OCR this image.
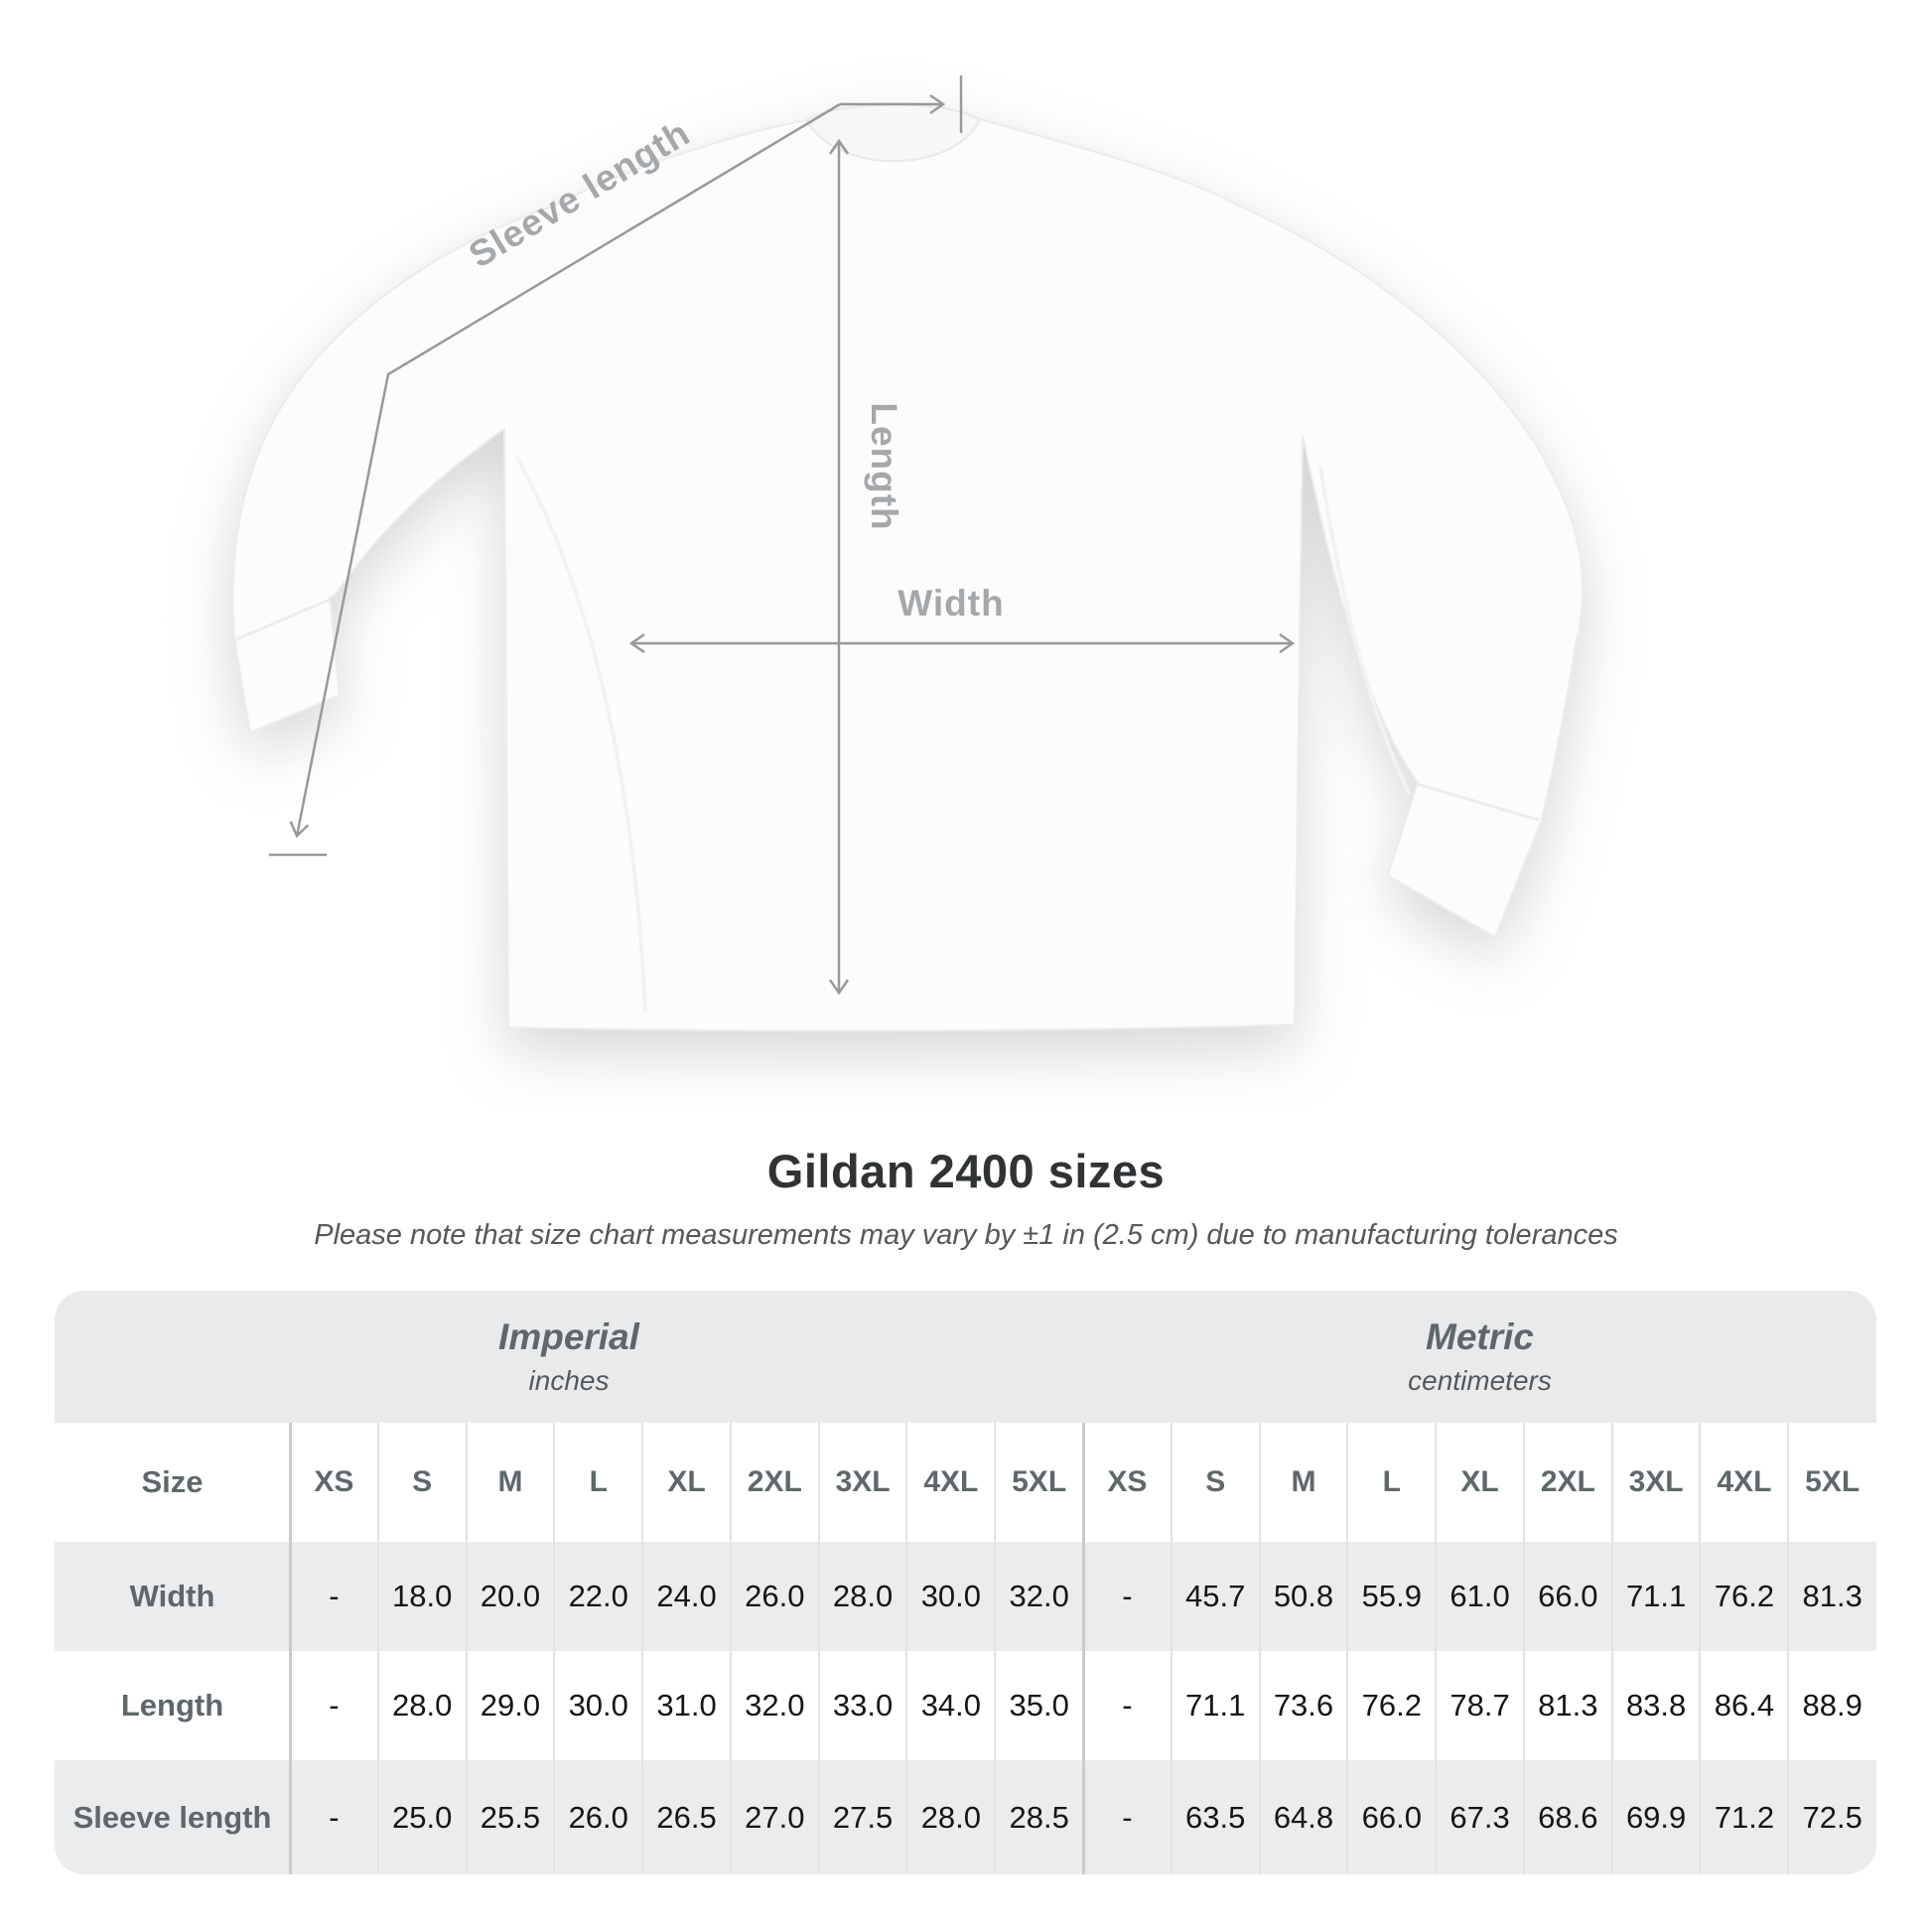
Length
Width
Sleeve length
Gildan 2400 sizes
Please note that size chart measurements may vary by ±1 in (2.5 cm) due to manufacturing tolerances
Imperial
inches
Metric
centimeters
Size	XS	S	M	L	XL	2XL	3XL	4XL	5XL	XS	S	M	L	XL	2XL	3XL	4XL	5XL
Width	-	18.0 20.0 22.0 24.0 26.0 28.0 30.0 32.0	-	45.7 50.8 55.9 61.0 66.0 71.1 76.2 81.3
Length	-	28.0 29.0 30.0 31.0 32.0 33.0 34.0 35.0	-	71.1 73.6 76.2 78.7 81.3 83.8 86.4 88.9
Sleeve length	-	25.0 25.5 26.0 26.5 27.0 27.5 28.0 28.5	-	63.5 64.8 66.0 67.3 68.6 69.9 71.2 72.5
